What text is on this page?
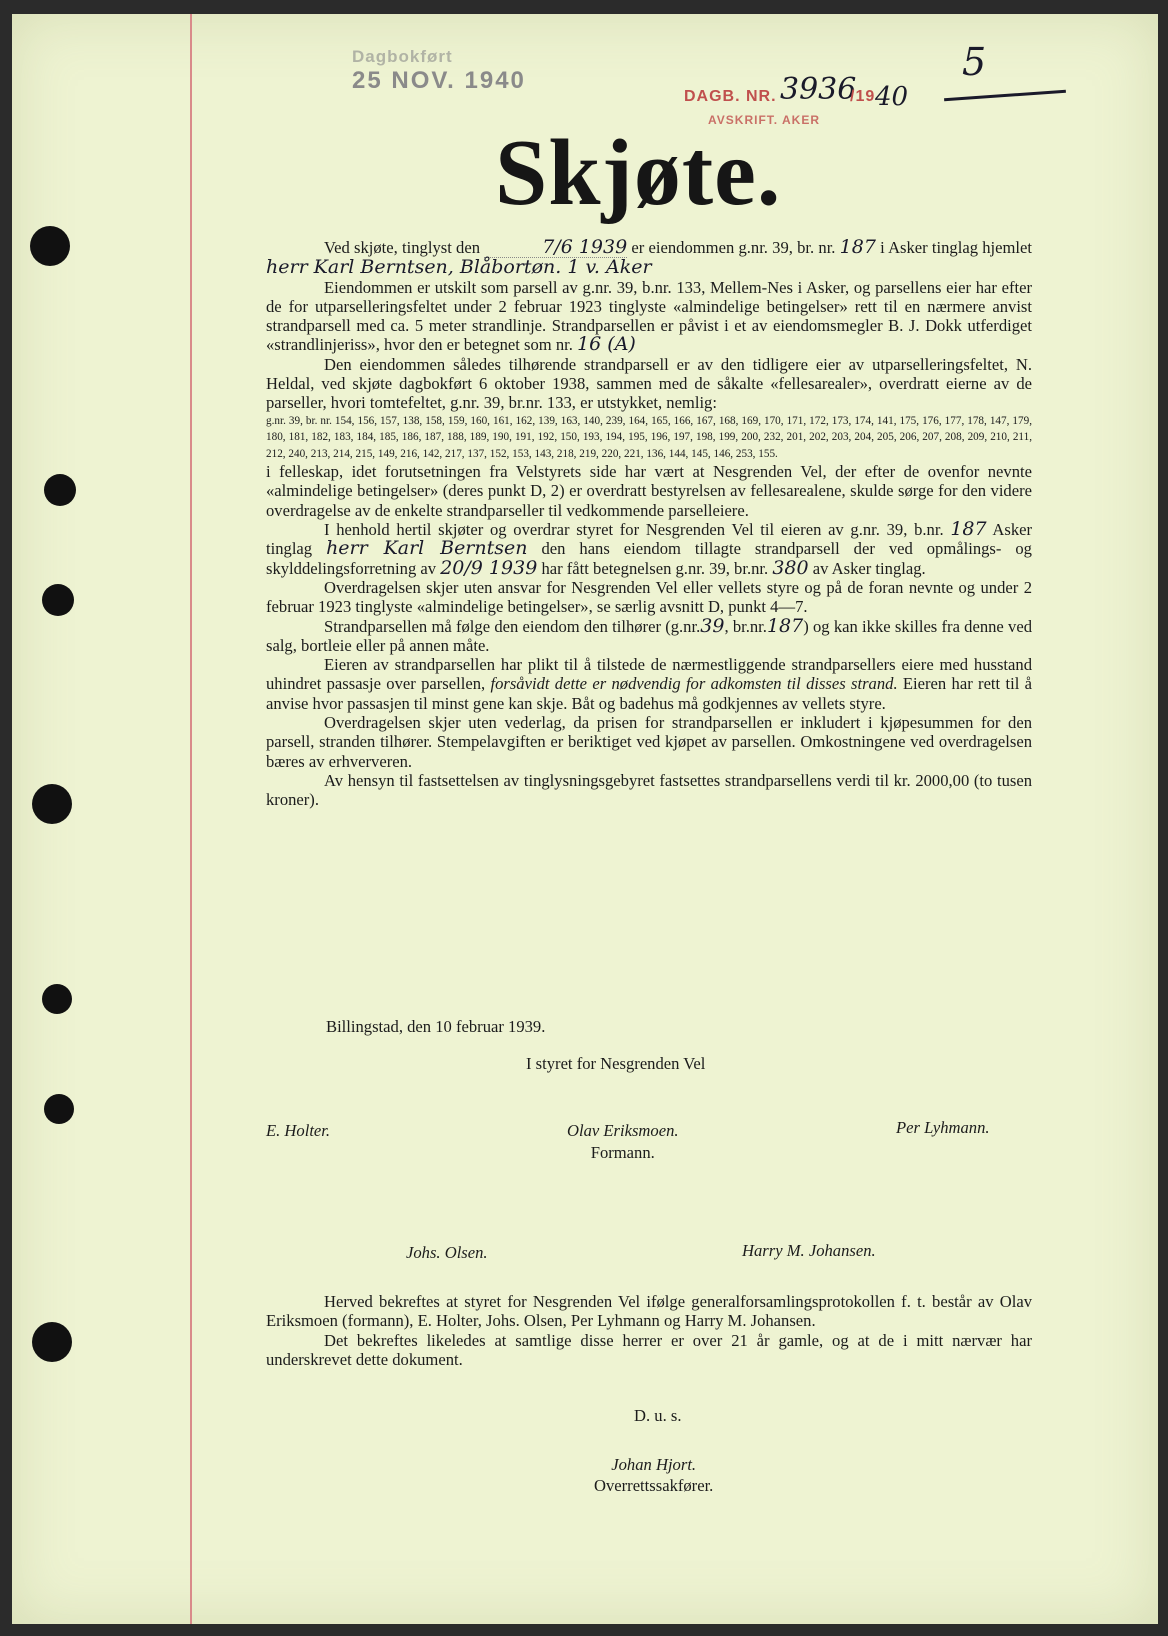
Dagbokført
25 NOV. 1940
DAGB. NR.
AVSKRIFT. AKER
3936
/19 40
5
Skjøte.

Ved skjøte, tinglyst den	7/6 1939 er eiendommen g.nr. 39, br. nr. 187 i Asker tinglag hjemlet herr Karl Berntsen, Blåbortøn. 1 v. Aker

Eiendommen er utskilt som parsell av g.nr. 39, b.nr. 133, Mellem-Nes i Asker, og parsellens eier har efter de for utparselleringsfeltet under 2 februar 1923 tinglyste «almindelige betingelser» rett til en nærmere anvist strandparsell med ca. 5 meter strandlinje. Strandparsellen er påvist i et av eiendomsmegler B. J. Dokk utferdiget «strandlinjeriss», hvor den er betegnet som nr. 16 (A)

Den eiendommen således tilhørende strandparsell er av den tidligere eier av utparselleringsfeltet, N. Heldal, ved skjøte dagbokført 6 oktober 1938, sammen med de såkalte «fellesarealer», overdratt eierne av de parseller, hvori tomtefeltet, g.nr. 39, br.nr. 133, er utstykket, nemlig:

g.nr. 39, br. nr. 154, 156, 157, 138, 158, 159, 160, 161, 162, 139, 163, 140, 239, 164, 165, 166, 167, 168, 169, 170, 171, 172, 173, 174, 141, 175, 176, 177, 178, 147, 179, 180, 181, 182, 183, 184, 185, 186, 187, 188, 189, 190, 191, 192, 150, 193, 194, 195, 196, 197, 198, 199, 200, 232, 201, 202, 203, 204, 205, 206, 207, 208, 209, 210, 211, 212, 240, 213, 214, 215, 149, 216, 142, 217, 137, 152, 153, 143, 218, 219, 220, 221, 136, 144, 145, 146, 253, 155.

i felleskap, idet forutsetningen fra Velstyrets side har vært at Nesgrenden Vel, der efter de ovenfor nevnte «almindelige betingelser» (deres punkt D, 2) er overdratt bestyrelsen av fellesarealene, skulde sørge for den videre overdragelse av de enkelte strandparseller til vedkommende parselleiere.

I henhold hertil skjøter og overdrar styret for Nesgrenden Vel til eieren av g.nr. 39, b.nr. 187 Asker tinglag herr Karl Berntsen den hans eiendom tillagte strandparsell der ved opmålings- og skylddelingsforretning av 20/9 1939 har fått betegnelsen g.nr. 39, br.nr. 380 av Asker tinglag.

Overdragelsen skjer uten ansvar for Nesgrenden Vel eller vellets styre og på de foran nevnte og under 2 februar 1923 tinglyste «almindelige betingelser», se særlig avsnitt D, punkt 4—7.

Strandparsellen må følge den eiendom den tilhører (g.nr.39, br.nr.187) og kan ikke skilles fra denne ved salg, bortleie eller på annen måte.

Eieren av strandparsellen har plikt til å tilstede de nærmestliggende strandparsellers eiere med husstand uhindret passasje over parsellen, forsåvidt dette er nødvendig for adkomsten til disses strand. Eieren har rett til å anvise hvor passasjen til minst gene kan skje. Båt og badehus må godkjennes av vellets styre.

Overdragelsen skjer uten vederlag, da prisen for strandparsellen er inkludert i kjøpesummen for den parsell, stranden tilhører. Stempelavgiften er beriktiget ved kjøpet av parsellen. Omkostningene ved overdragelsen bæres av erhververen.

Av hensyn til fastsettelsen av tinglysningsgebyret fastsettes strandparsellens verdi til kr. 2000,00 (to tusen kroner).

Billingstad, den 10 februar 1939.
I styret for Nesgrenden Vel
E. Holter.	Olav Eriksmoen.
Formann.
Per Lyhmann.
Johs. Olsen.	Harry M. Johansen.

Herved bekreftes at styret for Nesgrenden Vel ifølge generalforsamlingsprotokollen f. t. består av Olav Eriksmoen (formann), E. Holter, Johs. Olsen, Per Lyhmann og Harry M. Johansen.

Det bekreftes likeledes at samtlige disse herrer er over 21 år gamle, og at de i mitt nærvær har underskrevet dette dokument.

D. u. s.
Johan Hjort.
Overrettssakfører.
